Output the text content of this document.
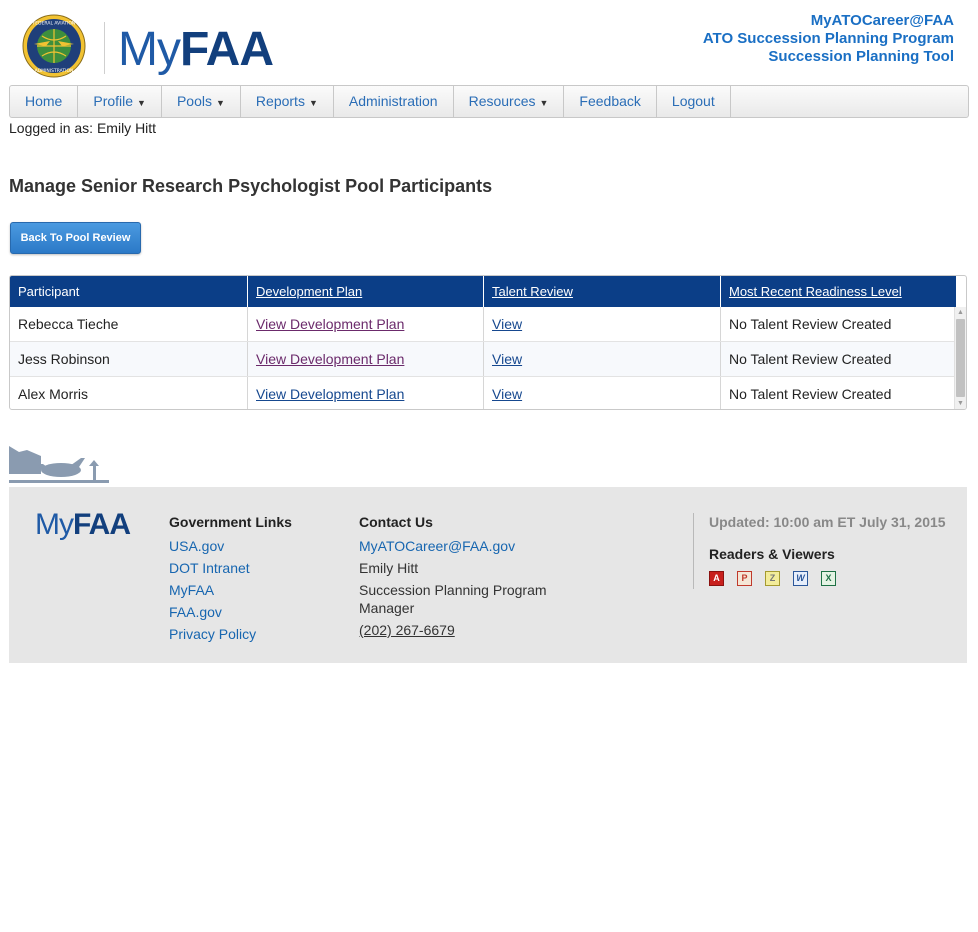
FEDERAL AVIATION
ADMINISTRATION MyFAA
MyATOCareer@FAA
ATO Succession Planning Program
Succession Planning Tool
Home	Profile ▼	Pools ▼	Reports ▼	Administration	Resources ▼	Feedback	Logout
Logged in as: Emily Hitt
Manage Senior Research Psychologist Pool Participants
Back To Pool Review
Participant	Development Plan	Talent Review	Most Recent Readiness Level
Rebecca Tieche	View Development Plan	View	No Talent Review Created
Jess Robinson	View Development Plan	View	No Talent Review Created
Alex Morris	View Development Plan	View	No Talent Review Created
▲
▼
MyFAA	Government Links
USA.gov
DOT Intranet
MyFAA
FAA.gov
Privacy Policy
Contact Us
MyATOCareer@FAA.gov
Emily Hitt
Succession Planning Program Manager
(202) 267-6679
Updated: 10:00 am ET July 31, 2015
Readers & Viewers
A	P	Z	W	X
